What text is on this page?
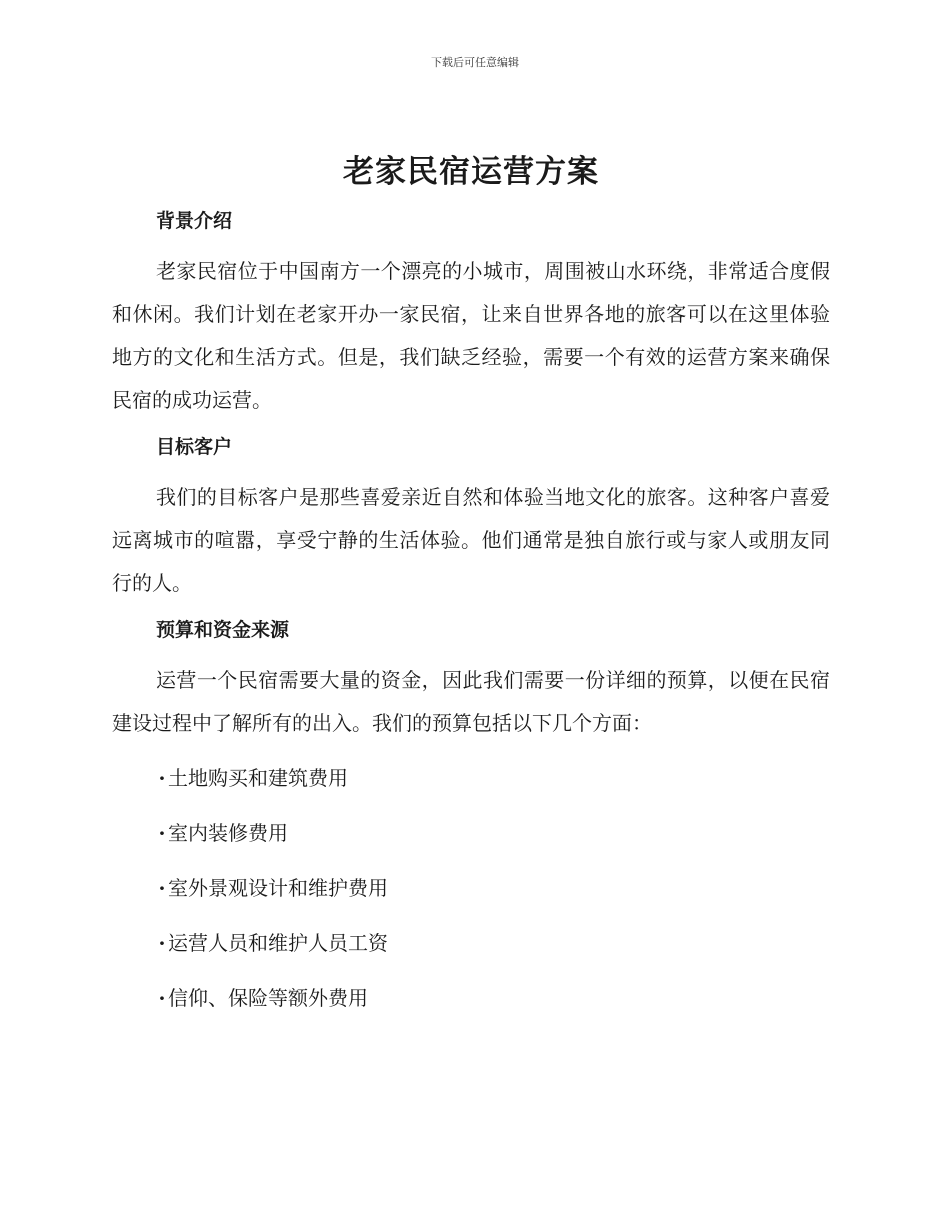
下载后可任意编辑
老家民宿运营方案
背景介绍

老家民宿位于中国南方一个漂亮的小城市，周围被山水环绕，非常适合度假和休闲。我们计划在老家开办一家民宿，让来自世界各地的旅客可以在这里体验地方的文化和生活方式。但是，我们缺乏经验，需要一个有效的运营方案来确保民宿的成功运营。

目标客户

我们的目标客户是那些喜爱亲近自然和体验当地文化的旅客。这种客户喜爱远离城市的喧嚣，享受宁静的生活体验。他们通常是独自旅行或与家人或朋友同行的人。

预算和资金来源

运营一个民宿需要大量的资金，因此我们需要一份详细的预算，以便在民宿建设过程中了解所有的出入。我们的预算包括以下几个方面：

· 土地购买和建筑费用
· 室内装修费用
· 室外景观设计和维护费用
· 运营人员和维护人员工资
· 信仰、保险等额外费用
